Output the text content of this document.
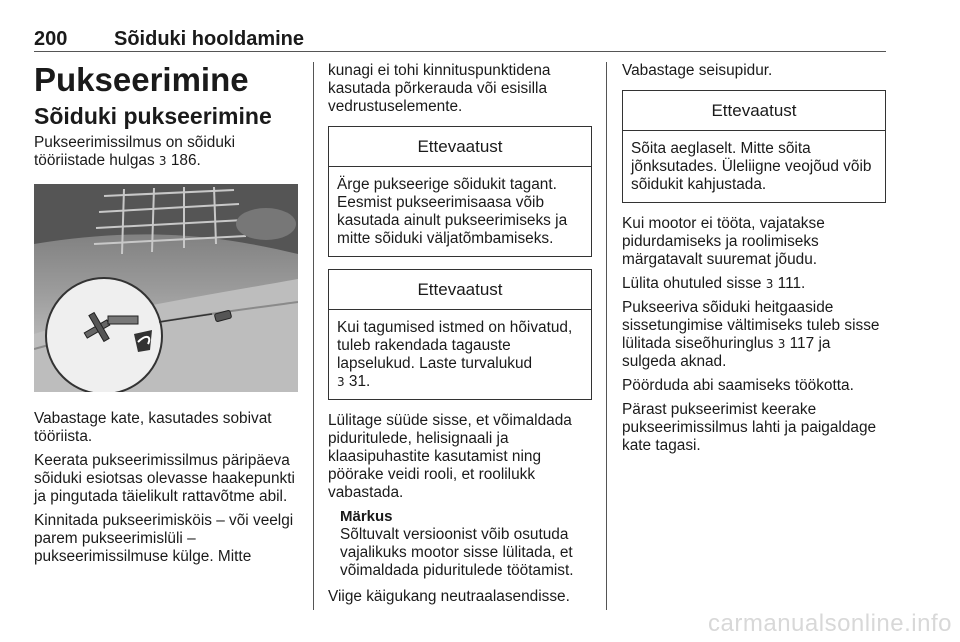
200 Sõiduki hooldamine
Pukseerimine
Sõiduki pukseerimine

Pukseerimissilmus on sõiduki tööriistade hulgas 3 186.

Vabastage kate, kasutades sobivat tööriista.

Keerata pukseerimissilmus päripäeva sõiduki esiotsas olevasse haakepunkti ja pingutada täielikult rattavõtme abil.

Kinnitada pukseerimisköis – või veelgi parem pukseerimislüli – pukseerimissilmuse külge. Mitte

kunagi ei tohi kinnituspunktidena kasutada põrkerauda või esisilla vedrustuselemente.

Ettevaatust
Ärge pukseerige sõidukit tagant. Eesmist pukseerimisaasa võib kasutada ainult pukseerimiseks ja mitte sõiduki väljatõmbamiseks.
Ettevaatust
Kui tagumised istmed on hõivatud, tuleb rakendada tagauste lapselukud. Laste turvalukud
3 31.

Lülitage süüde sisse, et võimaldada piduritulede, helisignaali ja klaasipuhastite kasutamist ning pöörake veidi rooli, et roolilukk vabastada.

Märkus
Sõltuvalt versioonist võib osutuda vajalikuks mootor sisse lülitada, et võimaldada piduritulede töötamist.

Viige käigukang neutraalasendisse.

Vabastage seisupidur.

Ettevaatust
Sõita aeglaselt. Mitte sõita jõnksutades. Üleliigne veojõud võib sõidukit kahjustada.

Kui mootor ei tööta, vajatakse pidurdamiseks ja roolimiseks märgatavalt suuremat jõudu.

Lülita ohutuled sisse 3 111.

Pukseeriva sõiduki heitgaaside sissetungimise vältimiseks tuleb sisse lülitada siseõhuringlus 3 117 ja sulgeda aknad.

Pöörduda abi saamiseks töökotta.

Pärast pukseerimist keerake pukseerimissilmus lahti ja paigaldage kate tagasi.

carmanualsonline.info
